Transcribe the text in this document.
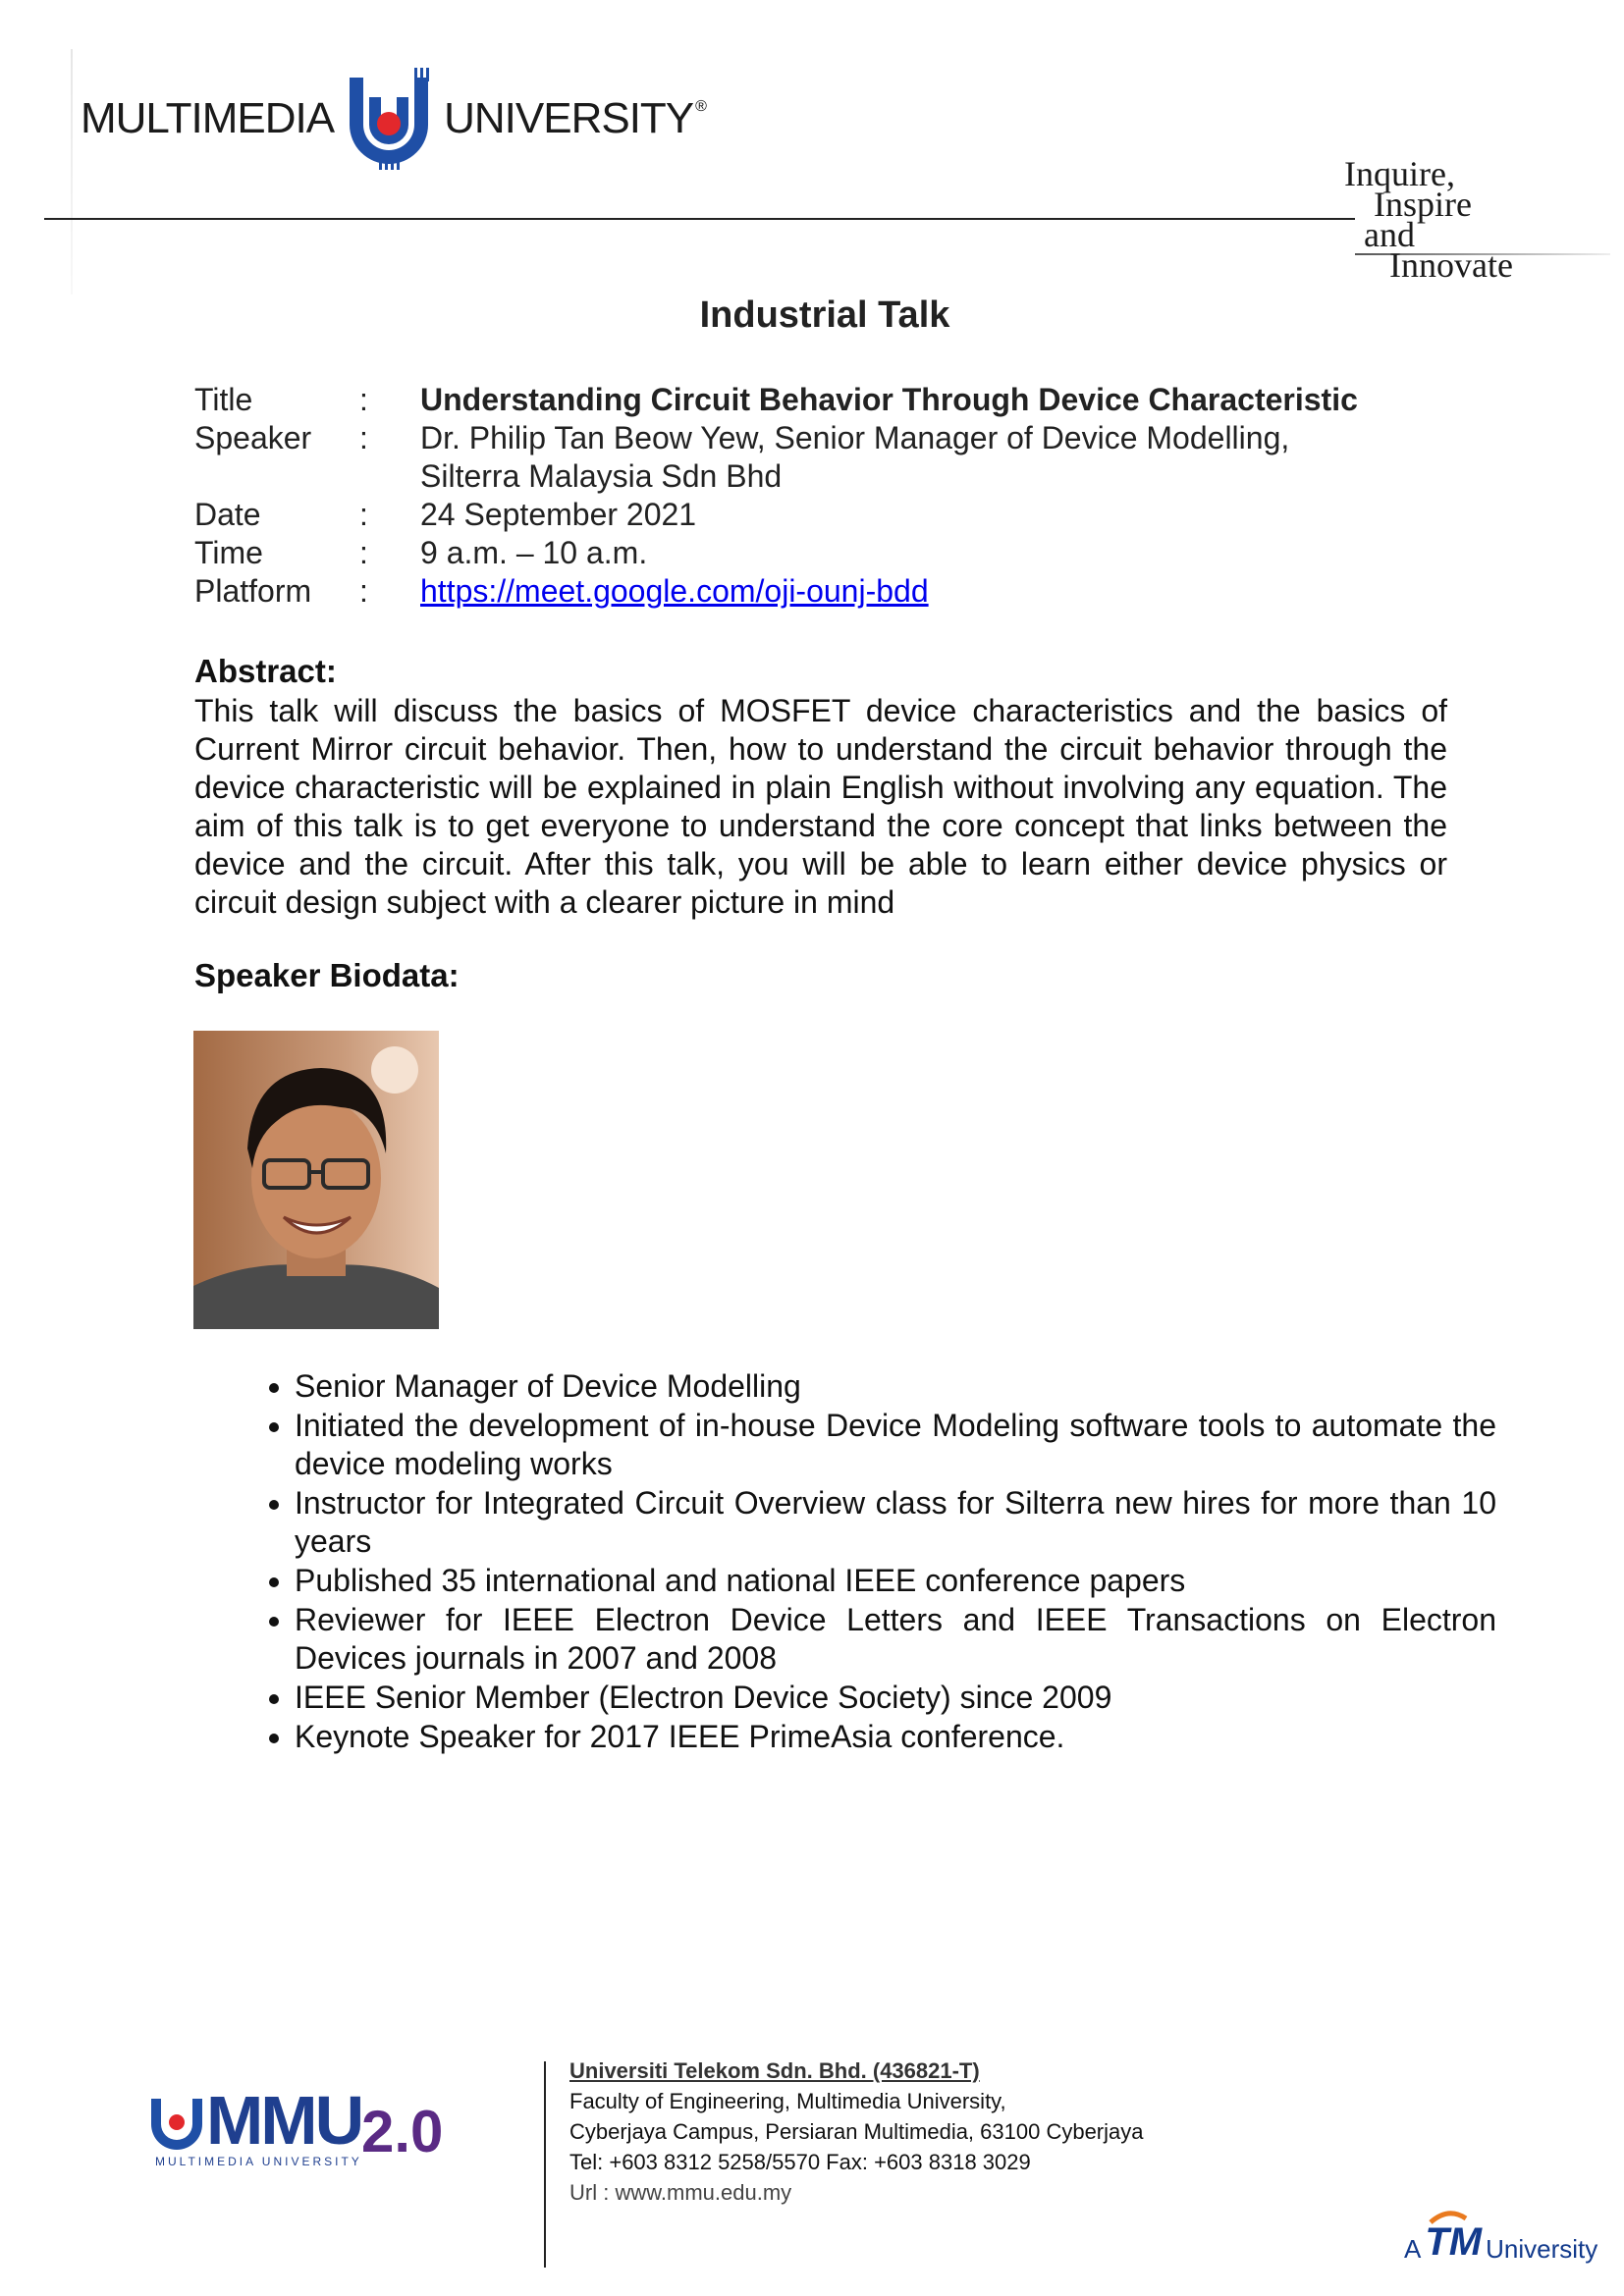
MULTIMEDIA	UNIVERSITY ®
Inquire,
Inspire
and
Innovate
Industrial Talk
Title	:	Understanding Circuit Behavior Through Device Characteristic
Speaker	:	Dr. Philip Tan Beow Yew, Senior Manager of Device Modelling,
Silterra Malaysia Sdn Bhd
Date	:	24 September 2021
Time	:	9 a.m. – 10 a.m.
Platform	:	https://meet.google.com/oji-ounj-bdd
Abstract:
This talk will discuss the basics of MOSFET device characteristics and the basics of Current Mirror circuit behavior. Then, how to understand the circuit behavior through the device characteristic will be explained in plain English without involving any equation. The aim of this talk is to get everyone to understand the core concept that links between the device and the circuit. After this talk, you will be able to learn either device physics or circuit design subject with a clearer picture in mind
Speaker Biodata:
• Senior Manager of Device Modelling
• Initiated the development of in-house Device Modeling software tools to automate the device modeling works
• Instructor for Integrated Circuit Overview class for Silterra new hires for more than 10 years
• Published 35 international and national IEEE conference papers
• Reviewer for IEEE Electron Device Letters and IEEE Transactions on Electron Devices journals in 2007 and 2008
• IEEE Senior Member (Electron Device Society) since 2009
• Keynote Speaker for 2017 IEEE PrimeAsia conference.
MMU 2.0
MULTIMEDIA UNIVERSITY
Universiti Telekom Sdn. Bhd. (436821-T)
Faculty of Engineering, Multimedia University,
Cyberjaya Campus, Persiaran Multimedia, 63100 Cyberjaya
Tel: +603 8312 5258/5570 Fax: +603 8318 3029
Url : www.mmu.edu.my
A TM University
